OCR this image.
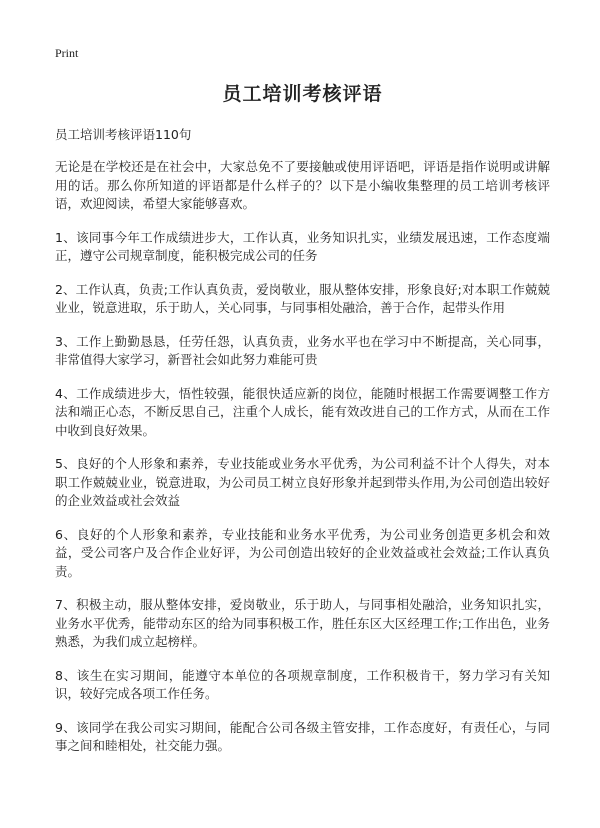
Print
员工培训考核评语

员工培训考核评语110句

无论是在学校还是在社会中，大家总免不了要接触或使用评语吧，评语是指作说明或讲解用的话。那么你所知道的评语都是什么样子的？以下是小编收集整理的员工培训考核评语，欢迎阅读，希望大家能够喜欢。

1、该同事今年工作成绩进步大，工作认真，业务知识扎实，业绩发展迅速，工作态度端正，遵守公司规章制度，能积极完成公司的任务

2、工作认真，负责;工作认真负责，爱岗敬业，服从整体安排，形象良好;对本职工作兢兢业业，锐意进取，乐于助人，关心同事，与同事相处融洽，善于合作，起带头作用

3、工作上勤勤恳恳，任劳任怨，认真负责，业务水平也在学习中不断提高，关心同事，非常值得大家学习，新晋社会如此努力难能可贵

4、工作成绩进步大，悟性较强，能很快适应新的岗位，能随时根据工作需要调整工作方法和端正心态，不断反思自己，注重个人成长，能有效改进自己的工作方式，从而在工作中收到良好效果。

5、良好的个人形象和素养，专业技能或业务水平优秀，为公司利益不计个人得失，对本职工作兢兢业业，锐意进取，为公司员工树立良好形象并起到带头作用,为公司创造出较好的企业效益或社会效益

6、良好的个人形象和素养，专业技能和业务水平优秀，为公司业务创造更多机会和效益，受公司客户及合作企业好评，为公司创造出较好的企业效益或社会效益;工作认真负责。

7、积极主动，服从整体安排，爱岗敬业，乐于助人，与同事相处融洽，业务知识扎实，业务水平优秀，能带动东区的给为同事积极工作，胜任东区大区经理工作;工作出色，业务熟悉，为我们成立起榜样。

8、该生在实习期间，能遵守本单位的各项规章制度，工作积极肯干，努力学习有关知识，较好完成各项工作任务。

9、该同学在我公司实习期间，能配合公司各级主管安排，工作态度好，有责任心，与同事之间和睦相处，社交能力强。
